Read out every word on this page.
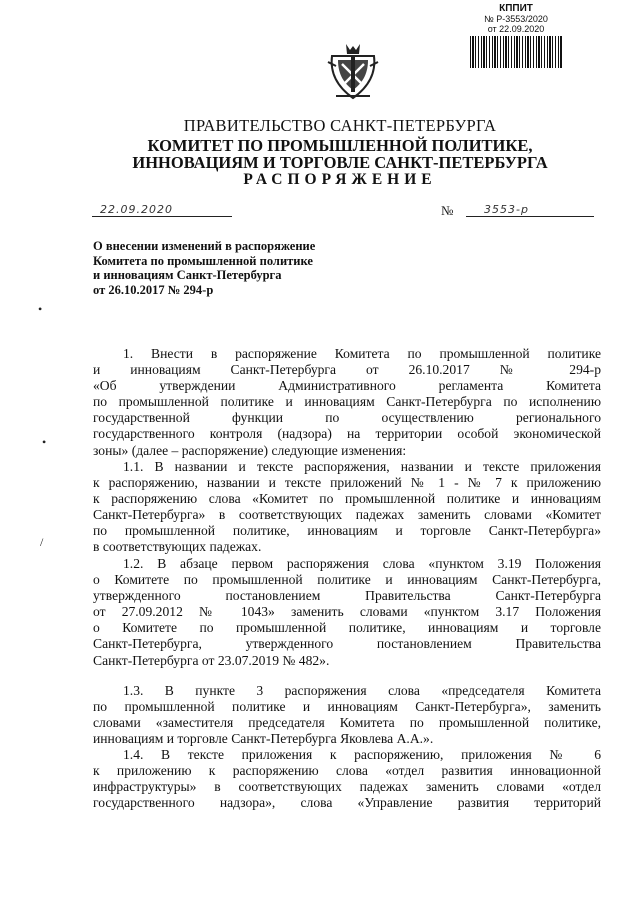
КППИТ
№ Р-3553/2020
от 22.09.2020
ПРАВИТЕЛЬСТВО САНКТ-ПЕТЕРБУРГА
КОМИТЕТ ПО ПРОМЫШЛЕННОЙ ПОЛИТИКЕ,
ИННОВАЦИЯМ И ТОРГОВЛЕ САНКТ-ПЕТЕРБУРГА
РАСПОРЯЖЕНИЕ
22.09.2020	№	3553-р
О внесении изменений в распоряжение
Комитета по промышленной политике
и инновациям Санкт-Петербурга
от 26.10.2017 № 294-р
•
•
/
1. Внести в распоряжение Комитета по промышленной политике
и инновациям Санкт-Петербурга от 26.10.2017 № 294-р
«Об утверждении Административного регламента Комитета
по промышленной политике и инновациям Санкт-Петербурга по исполнению
государственной функции по осуществлению регионального
государственного контроля (надзора) на территории особой экономической
зоны» (далее – распоряжение) следующие изменения:
1.1. В названии и тексте распоряжения, названии и тексте приложения
к распоряжению, названии и тексте приложений № 1 - № 7 к приложению
к распоряжению слова «Комитет по промышленной политике и инновациям
Санкт-Петербурга» в соответствующих падежах заменить словами «Комитет
по промышленной политике, инновациям и торговле Санкт-Петербурга»
в соответствующих падежах.
1.2. В абзаце первом распоряжения слова «пунктом 3.19 Положения
о Комитете по промышленной политике и инновациям Санкт-Петербурга,
утвержденного постановлением Правительства Санкт-Петербурга
от 27.09.2012 № 1043» заменить словами «пунктом 3.17 Положения
о Комитете по промышленной политике, инновациям и торговле
Санкт-Петербурга, утвержденного постановлением Правительства
Санкт-Петербурга от 23.07.2019 № 482».
1.3. В пункте 3 распоряжения слова «председателя Комитета
по промышленной политике и инновациям Санкт-Петербурга», заменить
словами «заместителя председателя Комитета по промышленной политике,
инновациям и торговле Санкт-Петербурга Яковлева А.А.».
1.4. В тексте приложения к распоряжению, приложения № 6
к приложению к распоряжению слова «отдел развития инновационной
инфраструктуры» в соответствующих падежах заменить словами «отдел
государственного надзора», слова «Управление развития территорий
